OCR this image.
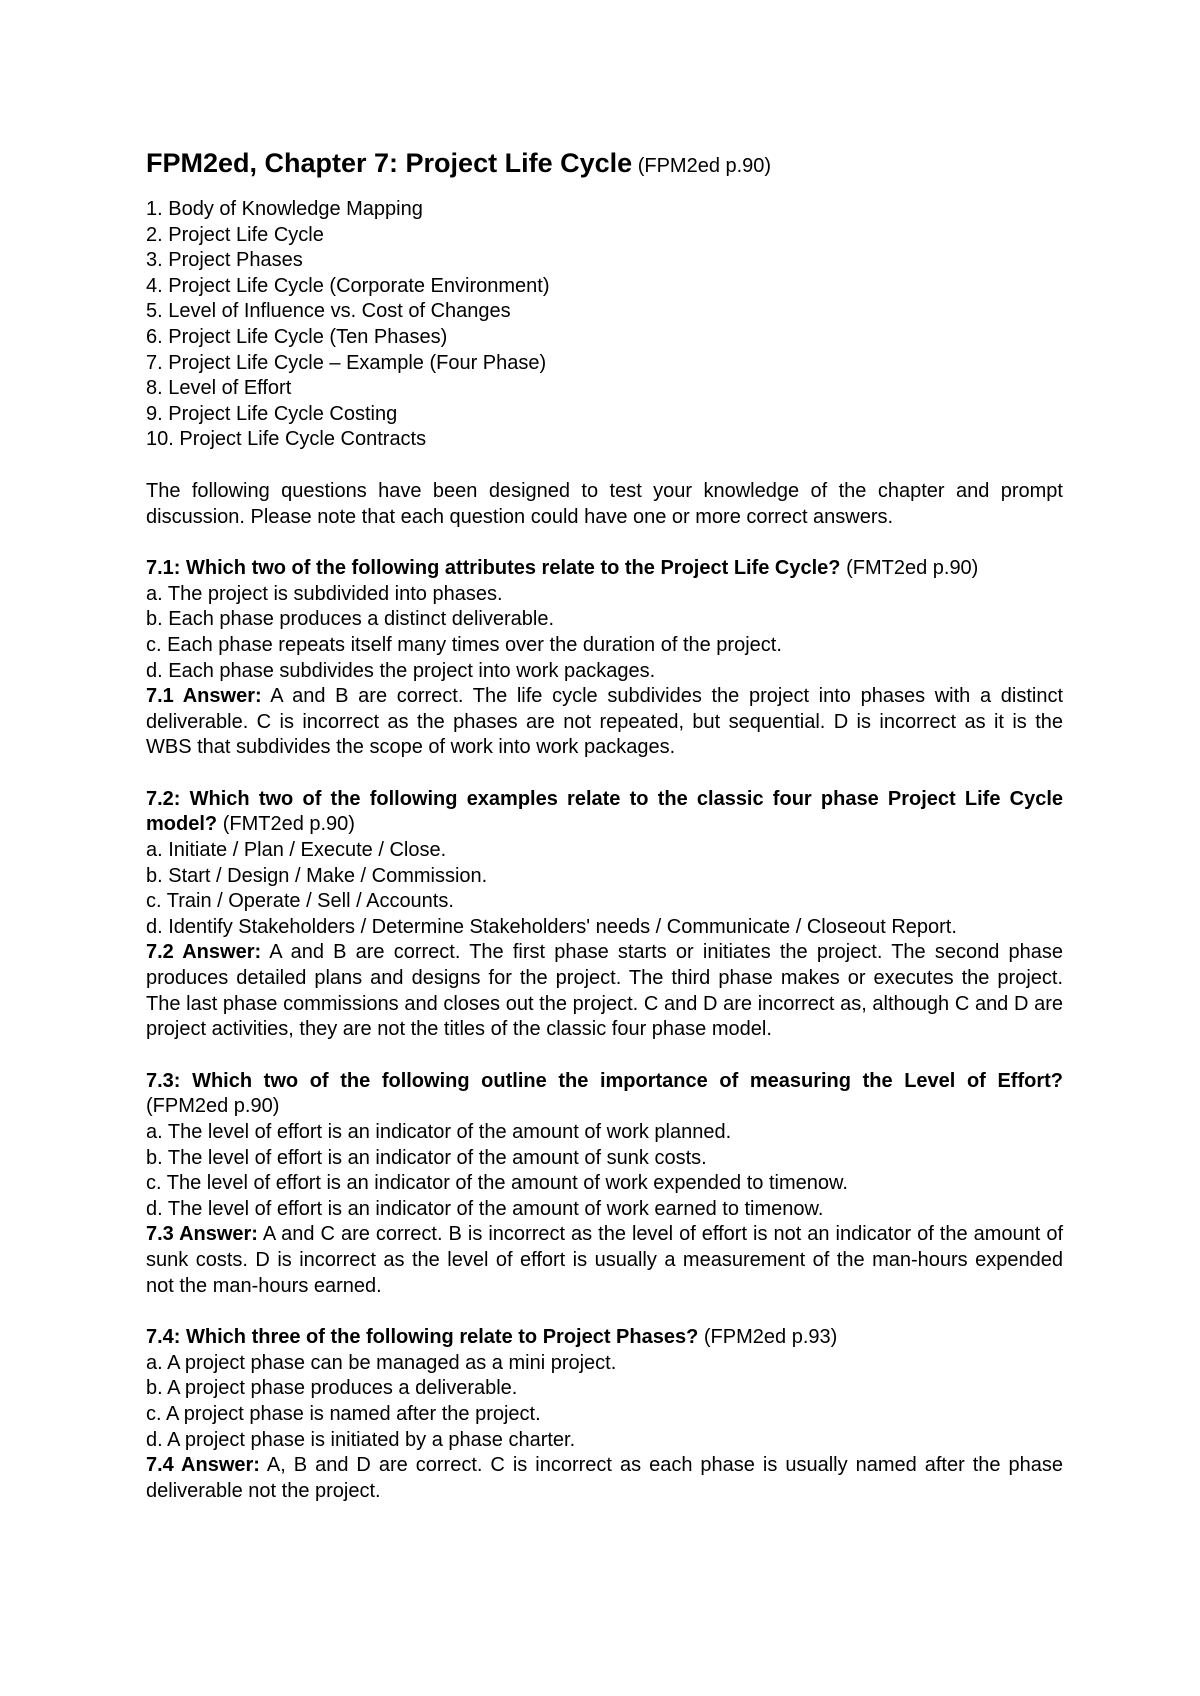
FPM2ed, Chapter 7: Project Life Cycle (FPM2ed p.90)
1. Body of Knowledge Mapping
2. Project Life Cycle
3. Project Phases
4. Project Life Cycle (Corporate Environment)
5. Level of Influence vs. Cost of Changes
6. Project Life Cycle (Ten Phases)
7. Project Life Cycle – Example (Four Phase)
8. Level of Effort
9. Project Life Cycle Costing
10. Project Life Cycle Contracts
The following questions have been designed to test your knowledge of the chapter and prompt discussion. Please note that each question could have one or more correct answers.
7.1: Which two of the following attributes relate to the Project Life Cycle? (FMT2ed p.90)
a. The project is subdivided into phases.
b. Each phase produces a distinct deliverable.
c. Each phase repeats itself many times over the duration of the project.
d. Each phase subdivides the project into work packages.
7.1 Answer: A and B are correct. The life cycle subdivides the project into phases with a distinct deliverable. C is incorrect as the phases are not repeated, but sequential. D is incorrect as it is the WBS that subdivides the scope of work into work packages.
7.2: Which two of the following examples relate to the classic four phase Project Life Cycle model? (FMT2ed p.90)
a. Initiate / Plan / Execute / Close.
b. Start / Design / Make / Commission.
c. Train / Operate / Sell / Accounts.
d. Identify Stakeholders / Determine Stakeholders' needs / Communicate / Closeout Report.
7.2 Answer: A and B are correct. The first phase starts or initiates the project. The second phase produces detailed plans and designs for the project. The third phase makes or executes the project. The last phase commissions and closes out the project. C and D are incorrect as, although C and D are project activities, they are not the titles of the classic four phase model.
7.3: Which two of the following outline the importance of measuring the Level of Effort? (FPM2ed p.90)
a. The level of effort is an indicator of the amount of work planned.
b. The level of effort is an indicator of the amount of sunk costs.
c. The level of effort is an indicator of the amount of work expended to timenow.
d. The level of effort is an indicator of the amount of work earned to timenow.
7.3 Answer: A and C are correct. B is incorrect as the level of effort is not an indicator of the amount of sunk costs. D is incorrect as the level of effort is usually a measurement of the man-hours expended not the man-hours earned.
7.4: Which three of the following relate to Project Phases? (FPM2ed p.93)
a. A project phase can be managed as a mini project.
b. A project phase produces a deliverable.
c. A project phase is named after the project.
d. A project phase is initiated by a phase charter.
7.4 Answer: A, B and D are correct. C is incorrect as each phase is usually named after the phase deliverable not the project.
